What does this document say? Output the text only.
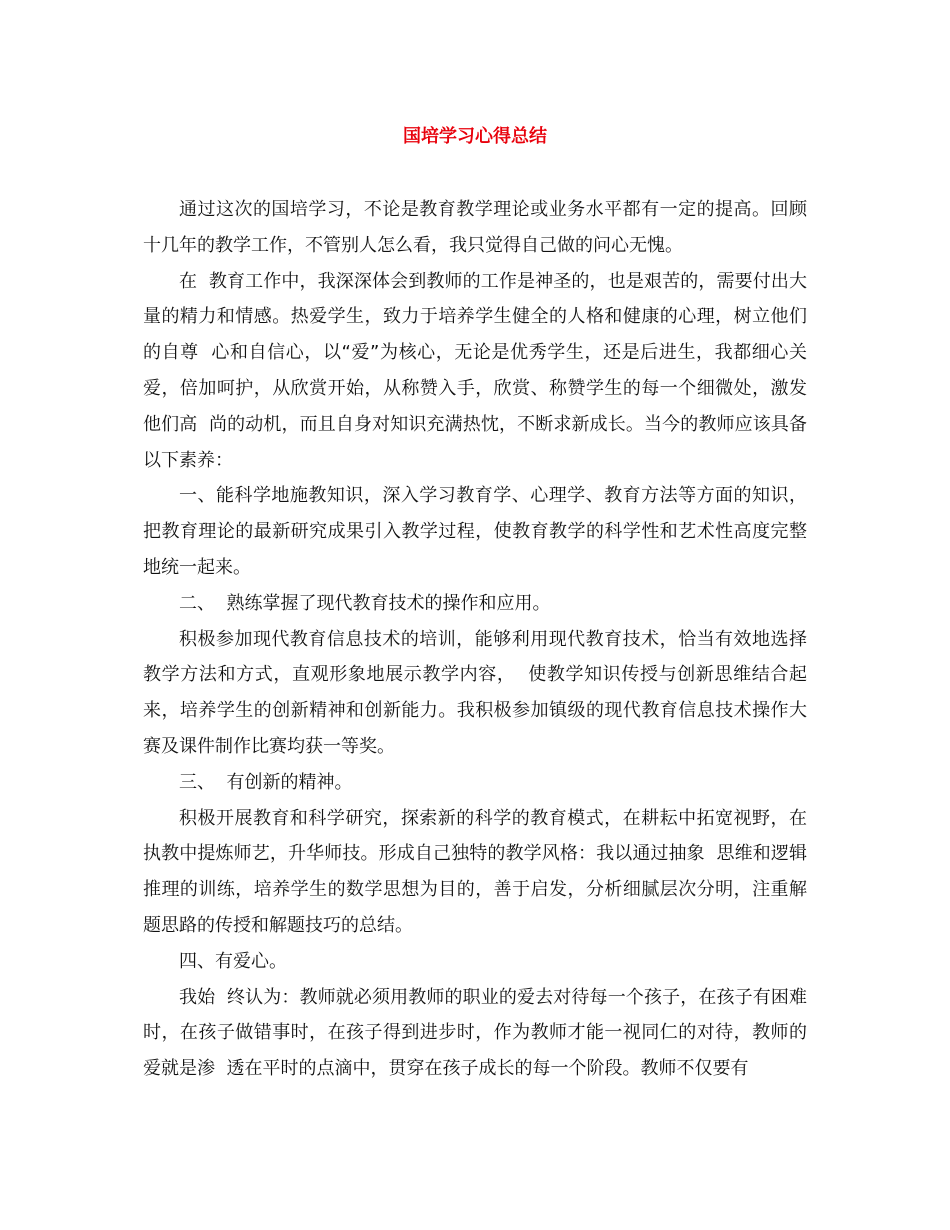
国培学习心得总结

通过这次的国培学习，不论是教育教学理论或业务水平都有一定的提高。回顾十几年的教学工作，不管别人怎么看，我只觉得自己做的问心无愧。

在  教育工作中，我深深体会到教师的工作是神圣的，也是艰苦的，需要付出大量的精力和情感。热爱学生，致力于培养学生健全的人格和健康的心理，树立他们的自尊  心和自信心，以“爱”为核心，无论是优秀学生，还是后进生，我都细心关爱，倍加呵护，从欣赏开始，从称赞入手，欣赏、称赞学生的每一个细微处，激发他们高  尚的动机，而且自身对知识充满热忱，不断求新成长。当今的教师应该具备以下素养：

一、能科学地施教知识，深入学习教育学、心理学、教育方法等方面的知识，把教育理论的最新研究成果引入教学过程，使教育教学的科学性和艺术性高度完整地统一起来。

二、  熟练掌握了现代教育技术的操作和应用。

积极参加现代教育信息技术的培训，能够利用现代教育技术，恰当有效地选择教学方法和方式，直观形象地展示教学内容，  使教学知识传授与创新思维结合起来，培养学生的创新精神和创新能力。我积极参加镇级的现代教育信息技术操作大赛及课件制作比赛均获一等奖。

三、  有创新的精神。

积极开展教育和科学研究，探索新的科学的教育模式，在耕耘中拓宽视野，在执教中提炼师艺，升华师技。形成自己独特的教学风格：我以通过抽象  思维和逻辑推理的训练，培养学生的数学思想为目的，善于启发，分析细腻层次分明，注重解题思路的传授和解题技巧的总结。

四、有爱心。

我始  终认为：教师就必须用教师的职业的爱去对待每一个孩子，在孩子有困难时，在孩子做错事时，在孩子得到进步时，作为教师才能一视同仁的对待，教师的爱就是渗  透在平时的点滴中，贯穿在孩子成长的每一个阶段。教师不仅要有
